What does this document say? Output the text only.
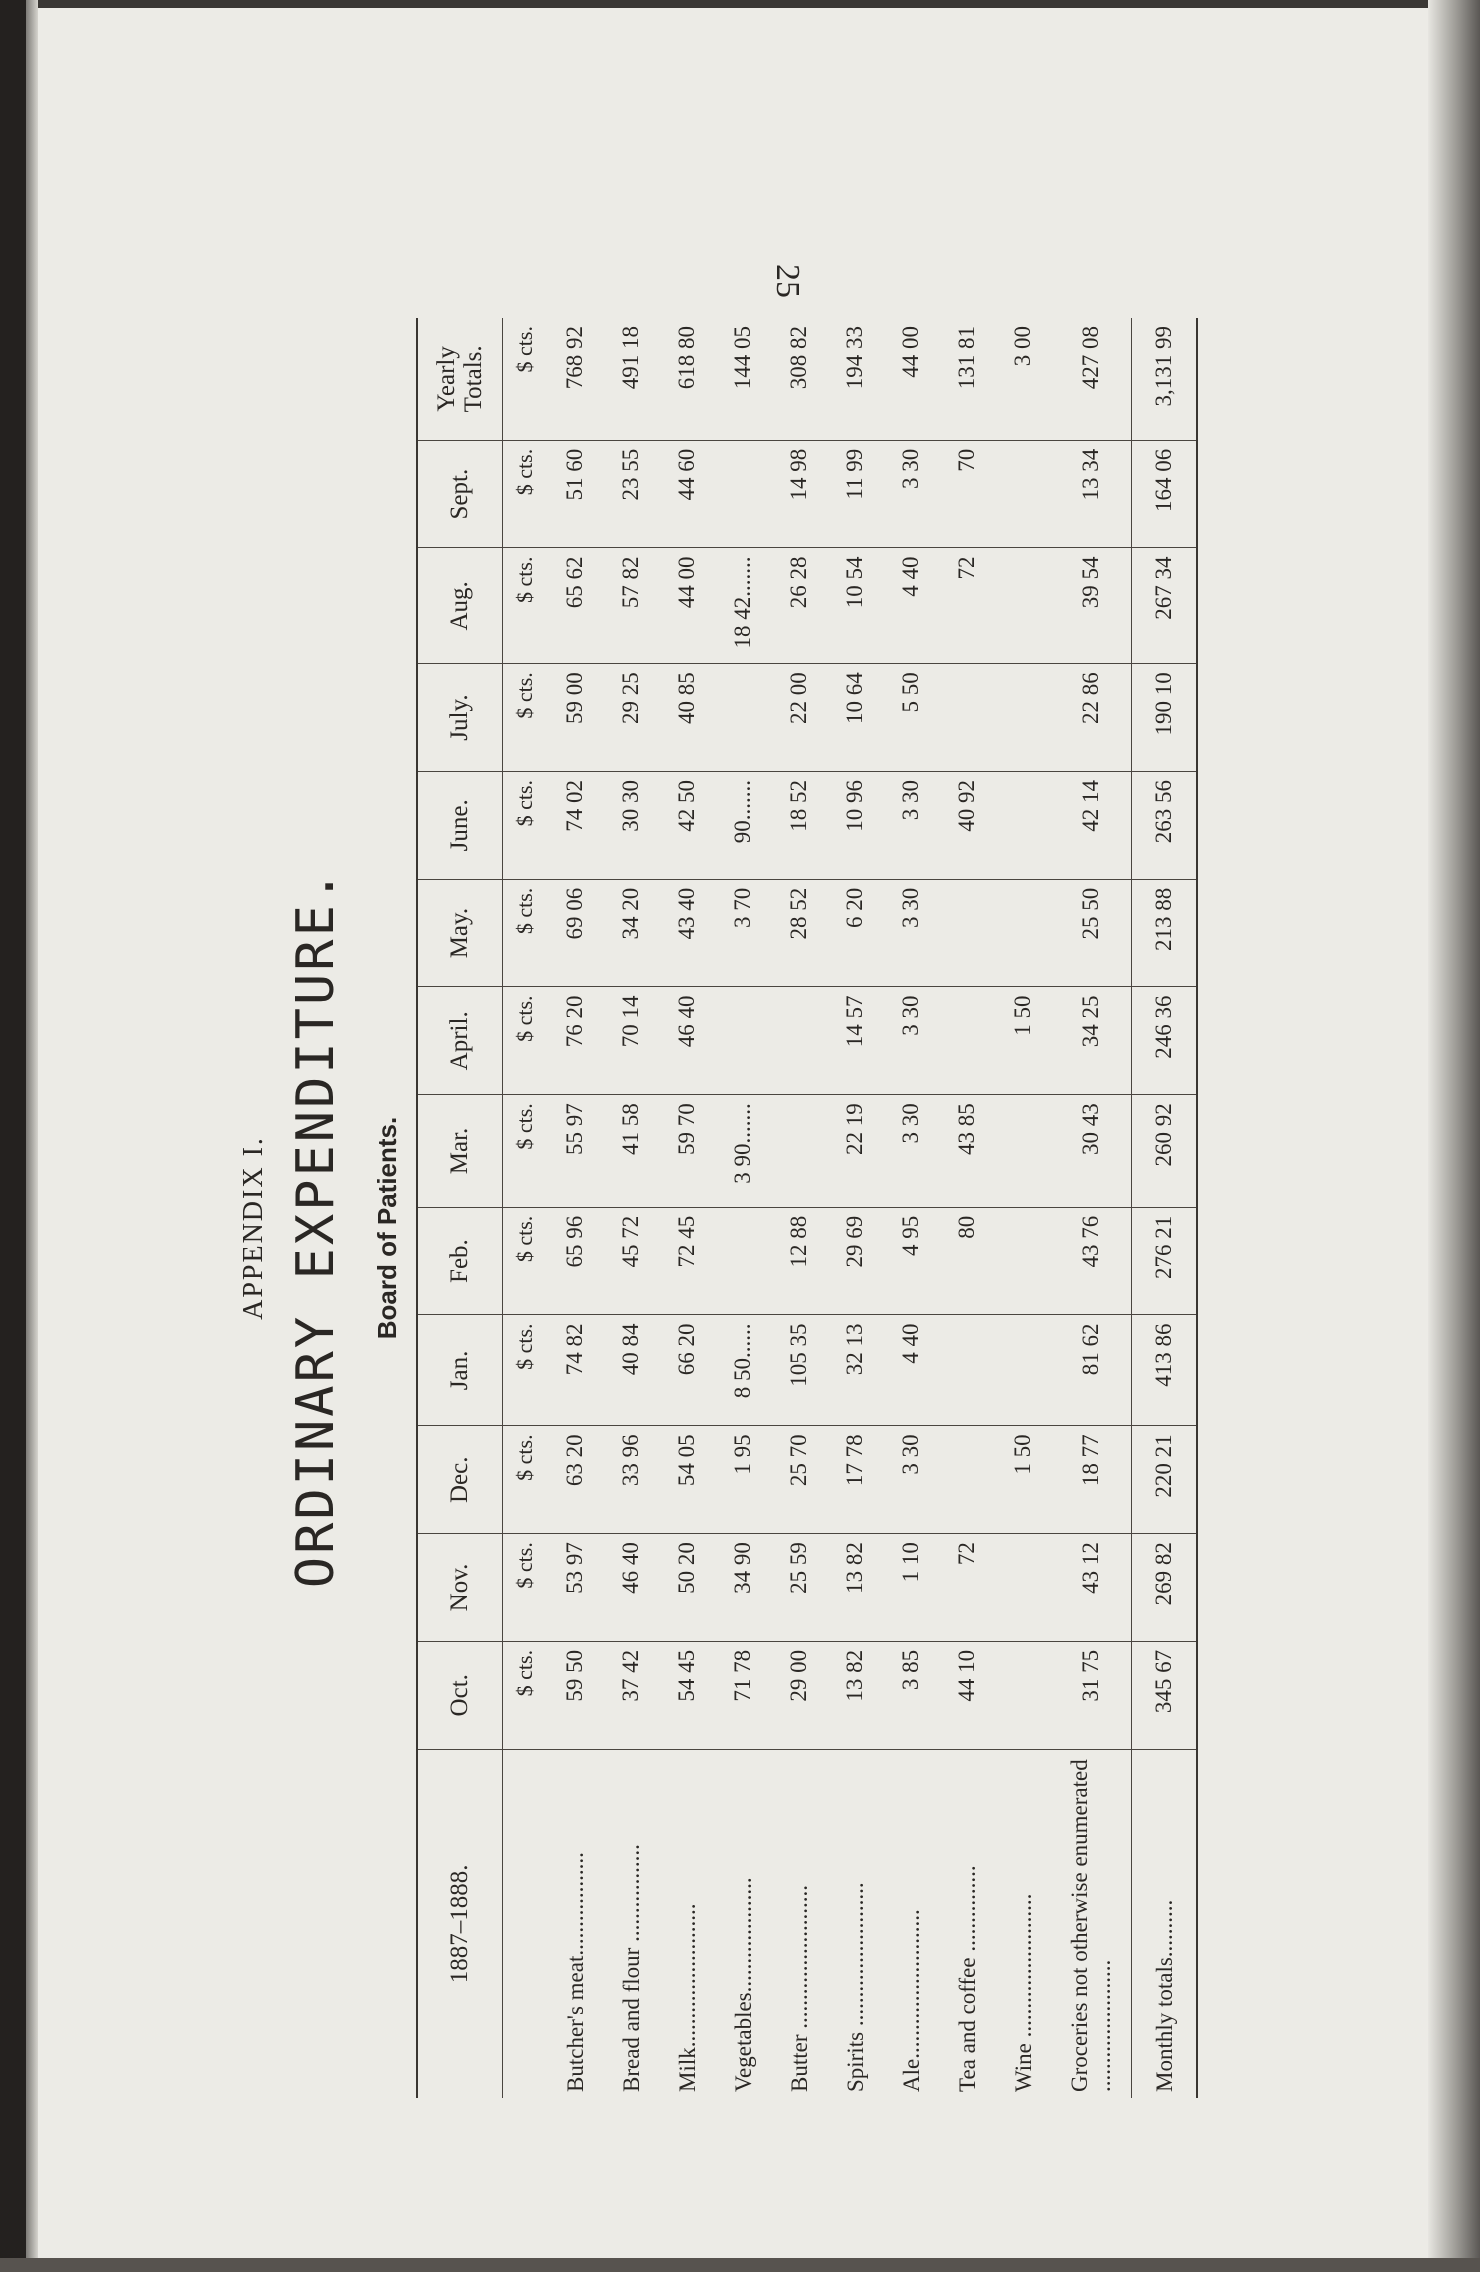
25
APPENDIX I. ORDINARY EXPENDITURE. Board of Patients.
1887–1888.	Oct.	Nov.	Dec.	Jan.	Feb.	Mar.	April.	May.	June.	July.	Aug.	Sept.	Yearly Totals.
	$ cts.	$ cts.	$ cts.	$ cts.	$ cts.	$ cts.	$ cts.	$ cts.	$ cts.	$ cts.	$ cts.	$ cts.	$ cts.
Butcher's meat..................	59 50	53 97	63 20	74 82	65 96	55 97	76 20	69 06	74 02	59 00	65 62	51 60	768 92
Bread and flour .................	37 42	46 40	33 96	40 84	45 72	41 58	70 14	34 20	30 30	29 25	57 82	23 55	491 18
Milk.........................	54 45	50 20	54 05	66 20	72 45	59 70	46 40	43 40	42 50	40 85	44 00	44 60	618 80
Vegetables....................	71 78	34 90	1 95	8 50......		3 90.......		3 70	90.......		18 42.......		144 05
Butter .........................	29 00	25 59	25 70	105 35	12 88			28 52	18 52	22 00	26 28	14 98	308 82
Spirits .........................	13 82	13 82	17 78	32 13	29 69	22 19	14 57	6 20	10 96	10 64	10 54	11 99	194 33
Ale..........................	3 85	1 10	3 30	4 40	4 95	3 30	3 30	3 30	3 30	5 50	4 40	3 30	44 00
Tea and coffee ...............	44 10	72			80	43 85			40 92		72	70	131 81
Wine .........................			1 50				1 50						3 00
Groceries not otherwise enumerated .......................	31 75	43 12	18 77	81 62	43 76	30 43	34 25	25 50	42 14	22 86	39 54	13 34	427 08
Monthly totals..........	345 67	269 82	220 21	413 86	276 21	260 92	246 36	213 88	263 56	190 10	267 34	164 06	3,131 99
